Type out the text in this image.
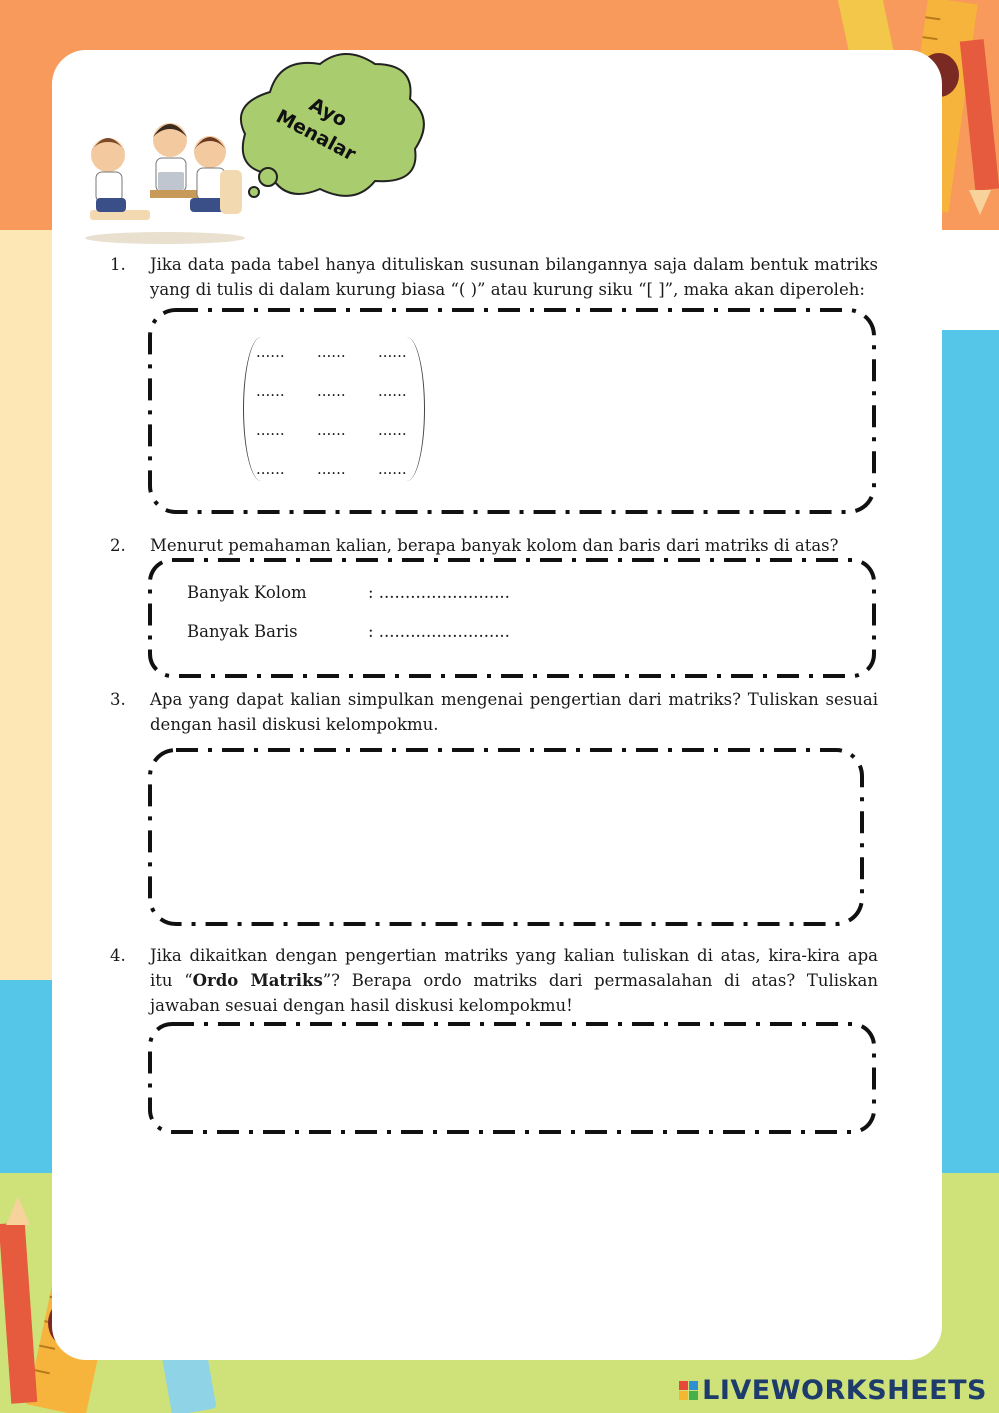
Ayo Menalar
1.	Jika data pada tabel hanya dituliskan susunan bilangannya saja dalam bentuk matriks yang di tulis di dalam kurung biasa “( )” atau kurung siku “[ ]”, maka akan diperoleh:
......	......	......
......	......	......
......	......	......
......	......	......
2.	Menurut pemahaman kalian, berapa banyak kolom dan baris dari matriks di atas?
Banyak Kolom	: .........................
Banyak Baris	: .........................
3.	Apa yang dapat kalian simpulkan mengenai pengertian dari matriks? Tuliskan sesuai dengan hasil diskusi kelompokmu.
4.	Jika dikaitkan dengan pengertian matriks yang kalian tuliskan di atas, kira-kira apa itu “Ordo Matriks”? Berapa ordo matriks dari permasalahan di atas? Tuliskan jawaban sesuai dengan hasil diskusi kelompokmu!
LIVEWORKSHEETS
